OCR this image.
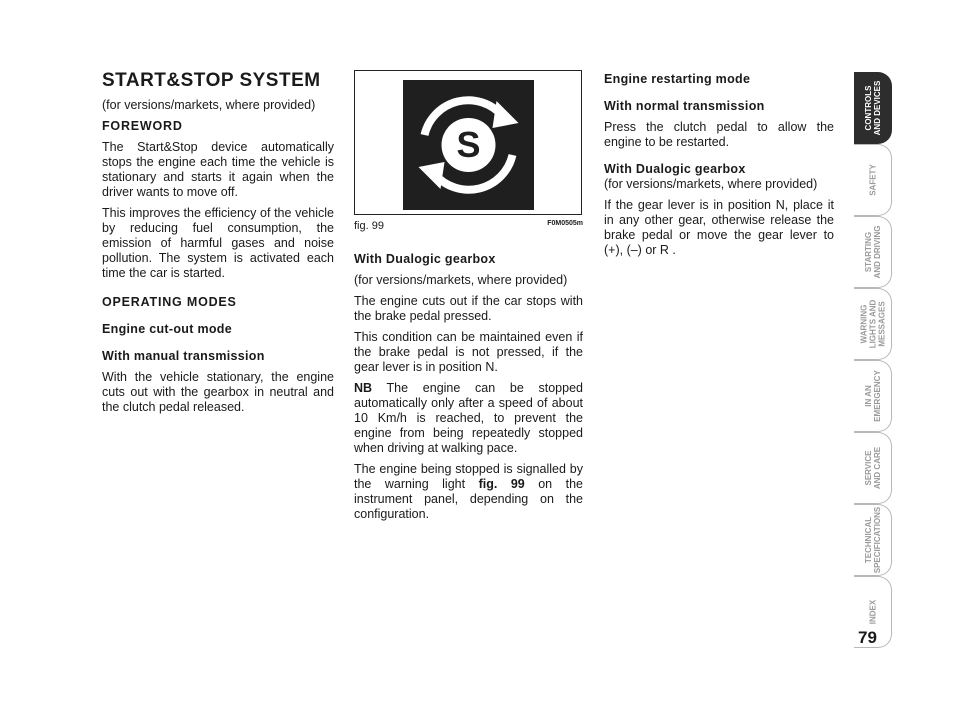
START&STOP SYSTEM

(for versions/markets, where provided)

FOREWORD

The Start&Stop device automatically stops the engine each time the vehicle is stationary and starts it again when the driver wants to move off.

This improves the efficiency of the vehicle by reducing fuel consumption, the emission of harmful gases and noise pollution. The system is activated each time the car is started.

OPERATING MODES

Engine cut-out mode

With manual transmission

With the vehicle stationary, the engine cuts out with the gearbox in neutral and the clutch pedal released.

S
fig. 99	F0M0505m

With Dualogic gearbox

(for versions/markets, where provided)

The engine cuts out if the car stops with the brake pedal pressed.

This condition can be maintained even if the brake pedal is not pressed, if the gear lever is in position N.

NB The engine can be stopped automatically only after a speed of about 10 Km/h is reached, to prevent the engine from being repeatedly stopped when driving at walking pace.

The engine being stopped is signalled by the warning light fig. 99 on the instrument panel, depending on the configuration.

Engine restarting mode

With normal transmission

Press the clutch pedal to allow the engine to be restarted.

With Dualogic gearbox

(for versions/markets, where provided)

If the gear lever is in position N, place it in any other gear, otherwise release the brake pedal or move the gear lever to (+), (–) or R .

CONTROLS
AND DEVICES
SAFETY
STARTING
AND DRIVING
WARNING
LIGHTS AND
MESSAGES
IN AN
EMERGENCY
SERVICE
AND CARE
TECHNICAL
SPECIFICATIONS
INDEX
79
